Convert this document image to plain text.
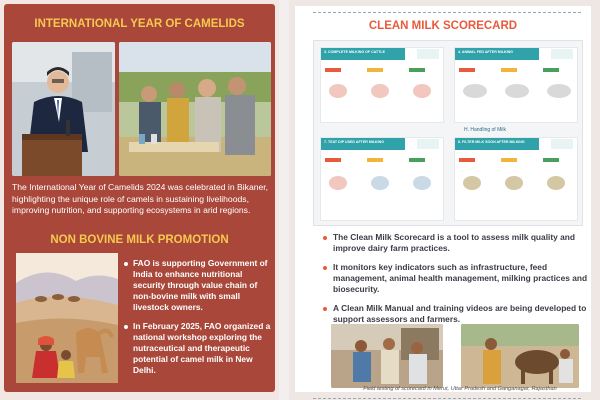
INTERNATIONAL YEAR OF CAMELIDS
The International Year of Camelids 2024 was celebrated in Bikaner, highlighting the unique role of camels in sustaining livelihoods, improving nutrition, and supporting ecosystems in arid regions.
NON BOVINE MILK PROMOTION
FAO is supporting Government of India to enhance nutritional security through value chain of non-bovine milk with small livestock owners.
In February 2025, FAO organized a national workshop exploring the nutraceutical and therapeutic potential of camel milk in New Delhi.
CLEAN MILK SCORECARD
3. COMPLETE MILKING OF CATTLE	4. ANIMAL FED AFTER MILKING
7. TEAT DIP USED AFTER MILKING
H. Handling of Milk
8. FILTER MILK SOON AFTER MILKING
The Clean Milk Scorecard is a tool to assess milk quality and improve dairy farm practices.
It monitors key indicators such as infrastructure, feed management, animal health management, milking practices and biosecurity.
A Clean Milk Manual and training videos are being developed to support assessors and farmers.
Field testing of scorecard in Merut, Uttar Pradesh and Ganganagar, Rajasthan
